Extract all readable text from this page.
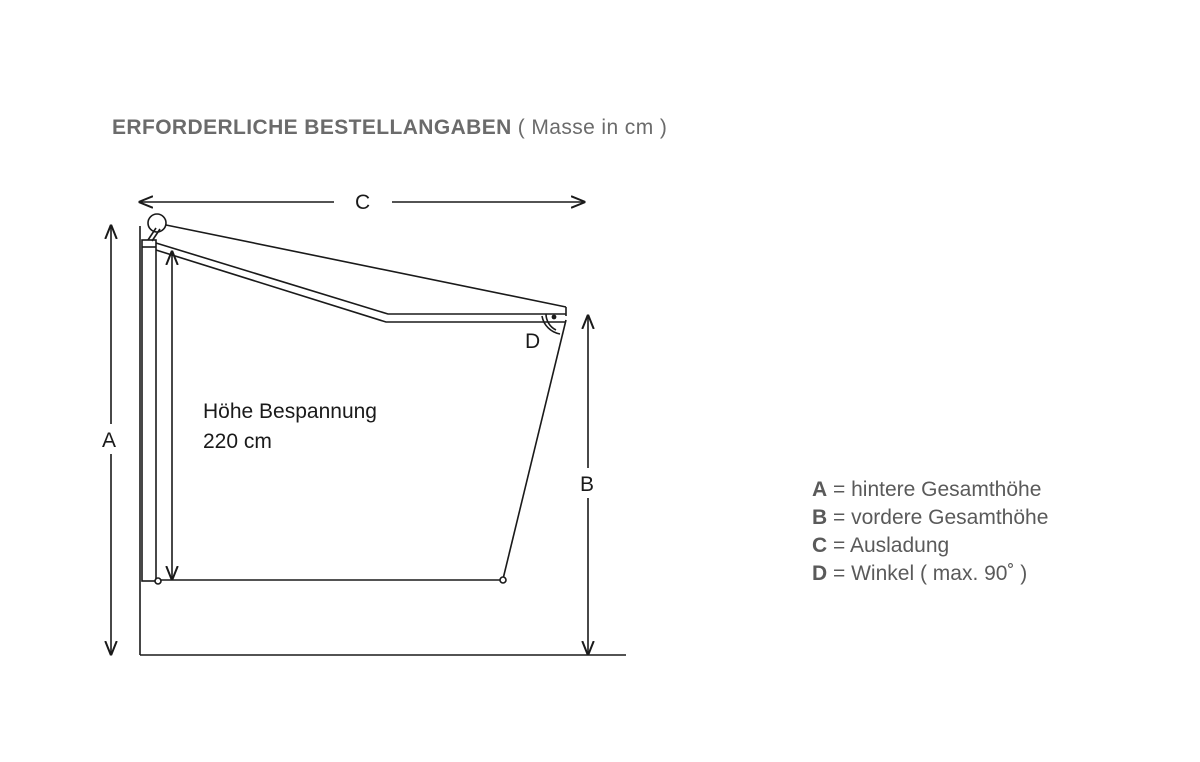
ERFORDERLICHE BESTELLANGABEN ( Masse in cm )
C
A
B
D
Höhe Bespannung
220 cm
A = hintere Gesamthöhe
B = vordere Gesamthöhe
C = Ausladung
D = Winkel ( max. 90˚ )
